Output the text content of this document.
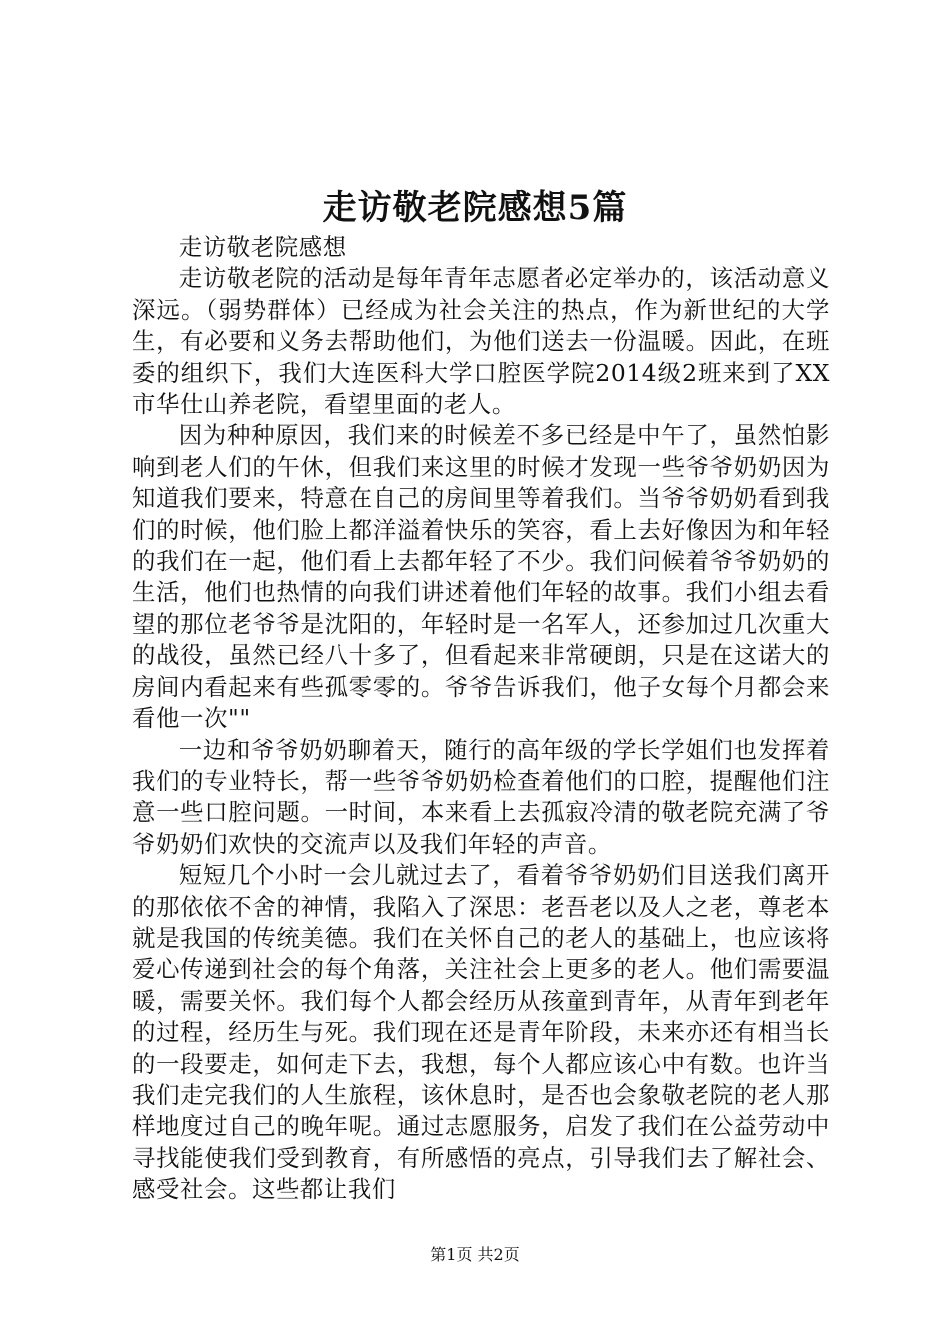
走访敬老院感想5篇

走访敬老院感想

走访敬老院的活动是每年青年志愿者必定举办的，该活动意义深远。（弱势群体）已经成为社会关注的热点，作为新世纪的大学生，有必要和义务去帮助他们，为他们送去一份温暖。因此，在班委的组织下，我们大连医科大学口腔医学院2014级2班来到了XX市华仕山养老院，看望里面的老人。

因为种种原因，我们来的时候差不多已经是中午了，虽然怕影响到老人们的午休，但我们来这里的时候才发现一些爷爷奶奶因为知道我们要来，特意在自己的房间里等着我们。当爷爷奶奶看到我们的时候，他们脸上都洋溢着快乐的笑容，看上去好像因为和年轻的我们在一起，他们看上去都年轻了不少。我们问候着爷爷奶奶的生活，他们也热情的向我们讲述着他们年轻的故事。我们小组去看望的那位老爷爷是沈阳的，年轻时是一名军人，还参加过几次重大的战役，虽然已经八十多了，但看起来非常硬朗，只是在这诺大的房间内看起来有些孤零零的。爷爷告诉我们，他子女每个月都会来看他一次""

一边和爷爷奶奶聊着天，随行的高年级的学长学姐们也发挥着我们的专业特长，帮一些爷爷奶奶检查着他们的口腔，提醒他们注意一些口腔问题。一时间，本来看上去孤寂冷清的敬老院充满了爷爷奶奶们欢快的交流声以及我们年轻的声音。

短短几个小时一会儿就过去了，看着爷爷奶奶们目送我们离开的那依依不舍的神情，我陷入了深思：老吾老以及人之老，尊老本就是我国的传统美德。我们在关怀自己的老人的基础上，也应该将爱心传递到社会的每个角落，关注社会上更多的老人。他们需要温暖，需要关怀。我们每个人都会经历从孩童到青年，从青年到老年的过程，经历生与死。我们现在还是青年阶段，未来亦还有相当长的一段要走，如何走下去，我想，每个人都应该心中有数。也许当我们走完我们的人生旅程，该休息时，是否也会象敬老院的老人那样地度过自己的晚年呢。通过志愿服务，启发了我们在公益劳动中寻找能使我们受到教育，有所感悟的亮点，引导我们去了解社会、感受社会。这些都让我们

第1页 共2页
